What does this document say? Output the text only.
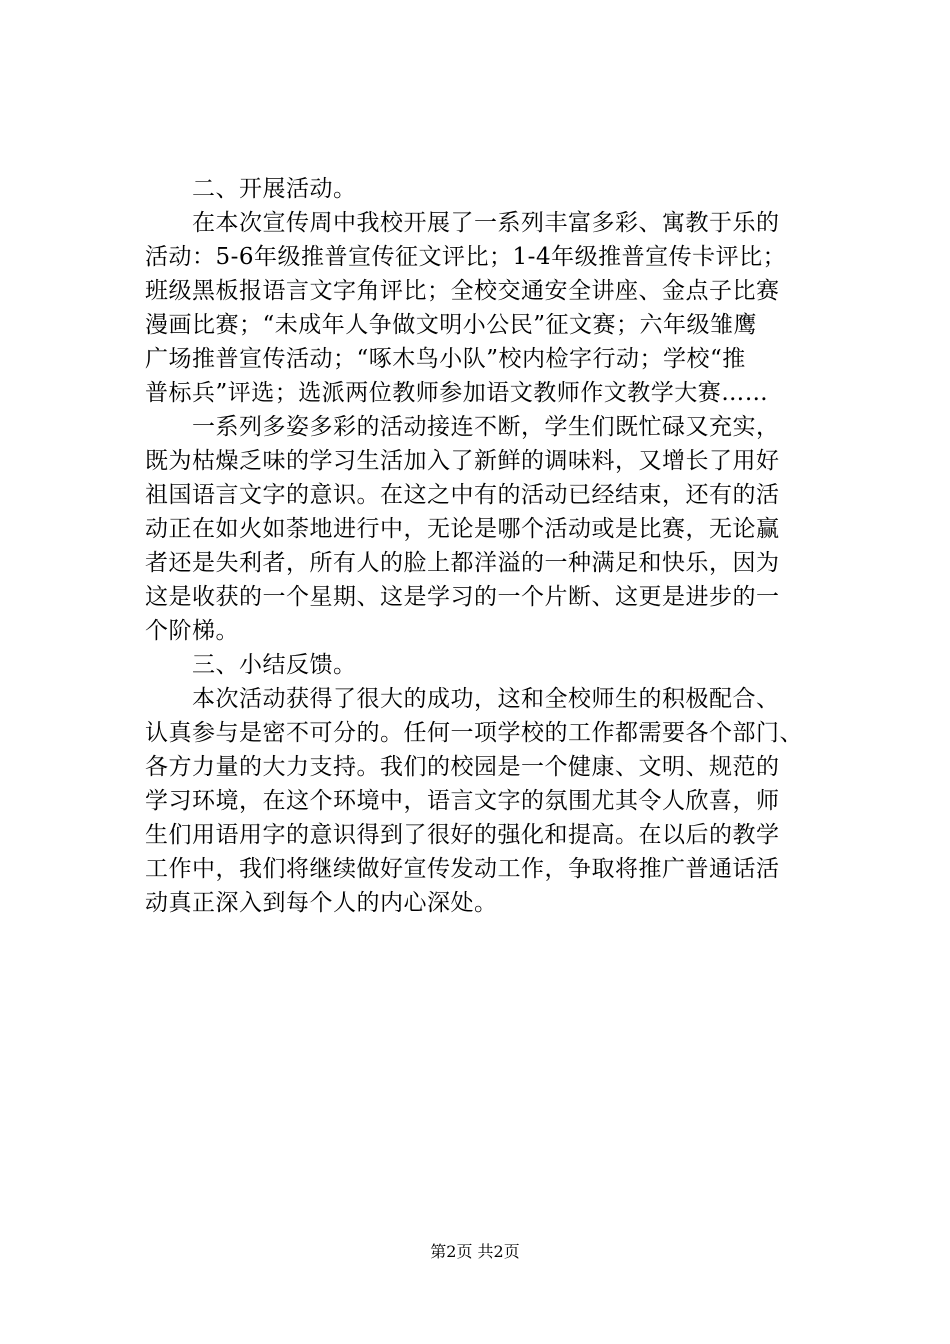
　　二、开展活动。
　　在本次宣传周中我校开展了一系列丰富多彩、寓教于乐的
活动：5-6年级推普宣传征文评比；1-4年级推普宣传卡评比；
班级黑板报语言文字角评比；全校交通安全讲座、金点子比赛
漫画比赛；“未成年人争做文明小公民”征文赛；六年级雏鹰
广场推普宣传活动；“啄木鸟小队”校内检字行动；学校“推
普标兵”评选；选派两位教师参加语文教师作文教学大赛……
　　一系列多姿多彩的活动接连不断，学生们既忙碌又充实，
既为枯燥乏味的学习生活加入了新鲜的调味料，又增长了用好
祖国语言文字的意识。在这之中有的活动已经结束，还有的活
动正在如火如荼地进行中，无论是哪个活动或是比赛，无论赢
者还是失利者，所有人的脸上都洋溢的一种满足和快乐，因为
这是收获的一个星期、这是学习的一个片断、这更是进步的一
个阶梯。
　　三、小结反馈。
　　本次活动获得了很大的成功，这和全校师生的积极配合、
认真参与是密不可分的。任何一项学校的工作都需要各个部门、
各方力量的大力支持。我们的校园是一个健康、文明、规范的
学习环境，在这个环境中，语言文字的氛围尤其令人欣喜，师
生们用语用字的意识得到了很好的强化和提高。在以后的教学
工作中，我们将继续做好宣传发动工作，争取将推广普通话活
动真正深入到每个人的内心深处。
第2页 共2页
